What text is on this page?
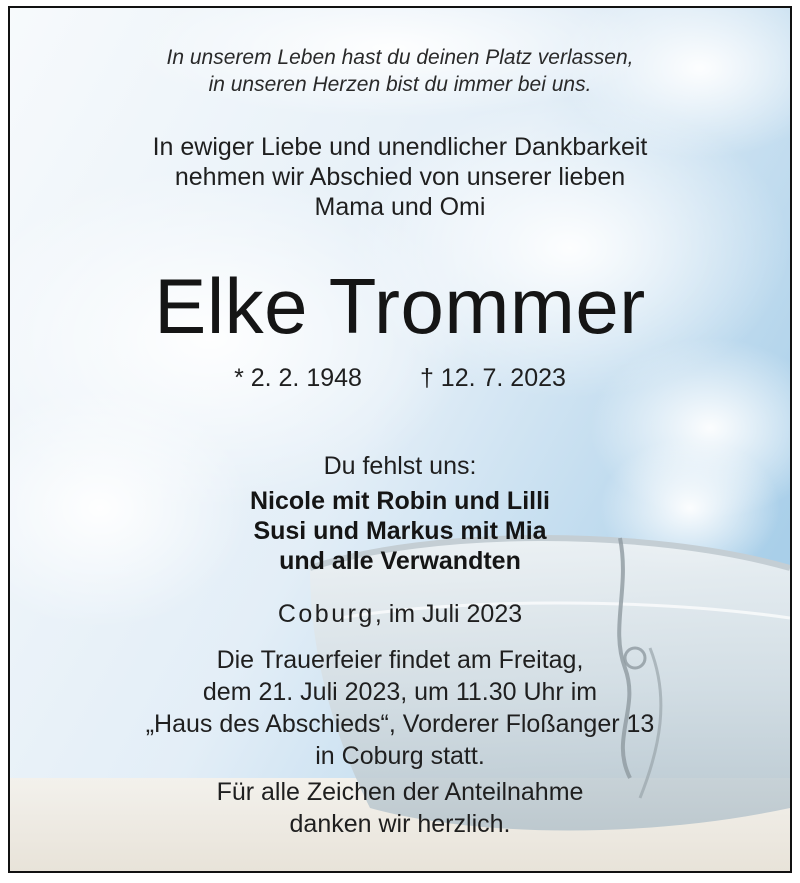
In unserem Leben hast du deinen Platz verlassen,
in unseren Herzen bist du immer bei uns.
In ewiger Liebe und unendlicher Dankbarkeit
nehmen wir Abschied von unserer lieben
Mama und Omi
Elke Trommer
* 2. 2. 1948 † 12. 7. 2023
Du fehlst uns:
Nicole mit Robin und Lilli
Susi und Markus mit Mia
und alle Verwandten
Coburg, im Juli 2023
Die Trauerfeier findet am Freitag,
dem 21. Juli 2023, um 11.30 Uhr im
„Haus des Abschieds“, Vorderer Floßanger 13
in Coburg statt.
Für alle Zeichen der Anteilnahme
danken wir herzlich.
